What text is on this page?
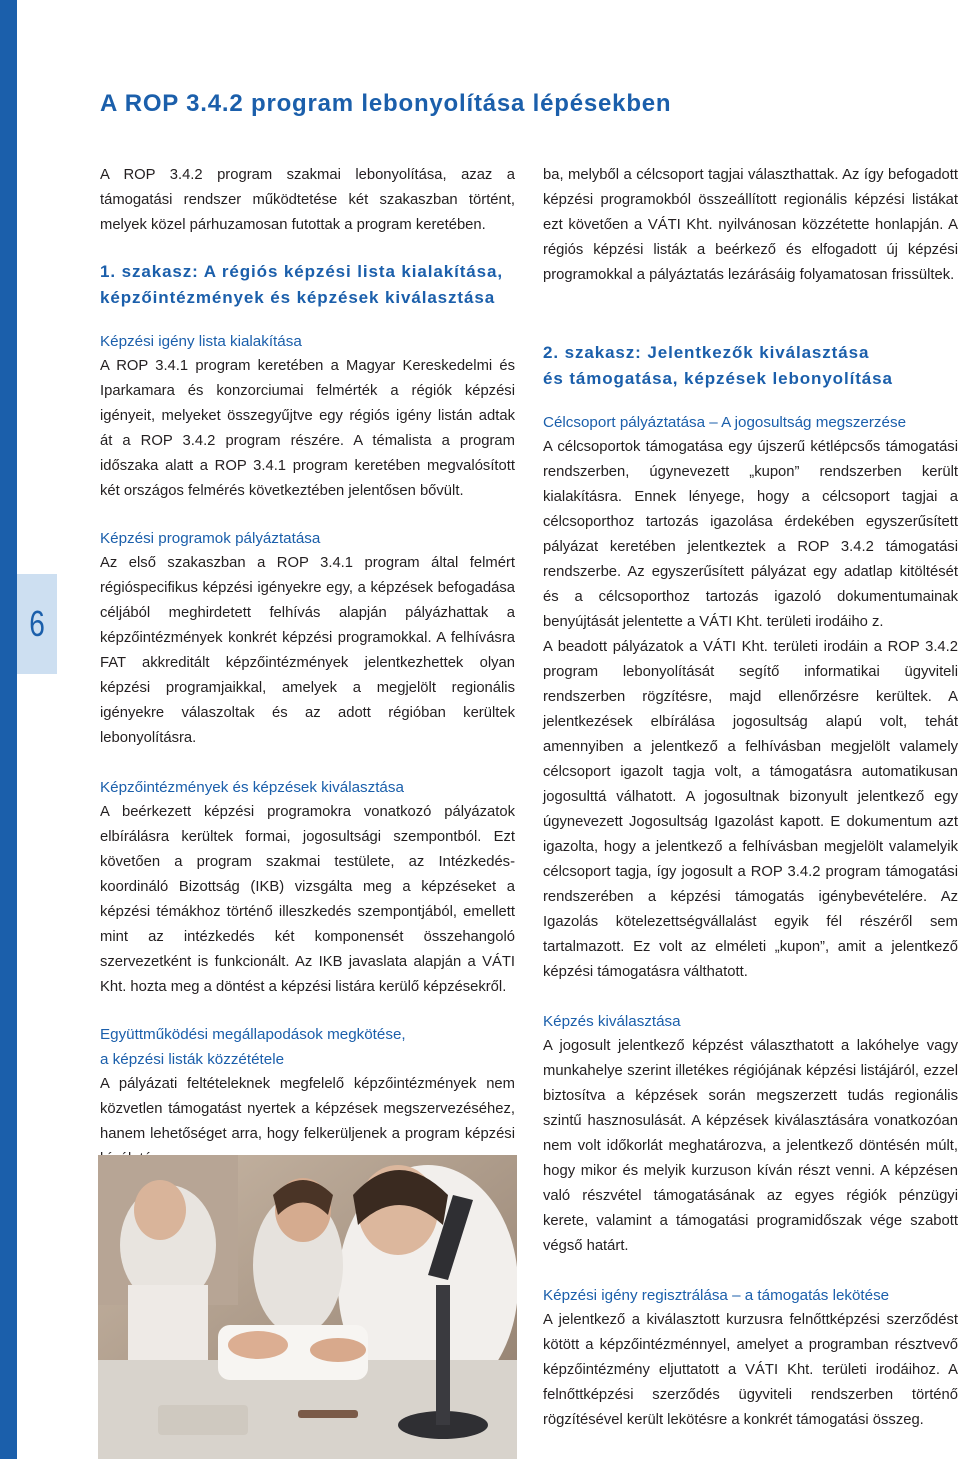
6
A ROP 3.4.2 program lebonyolítása lépésekben

A ROP 3.4.2 program szakmai lebonyolítása, azaz a támogatási rendszer működtetése két szakaszban történt, melyek közel párhuzamosan futottak a program keretében.

1. szakasz: A régiós képzési lista kialakítása, képzőintézmények és képzések kiválasztása
Képzési igény lista kialakítása

A ROP 3.4.1 program keretében a Magyar Kereskedelmi és Iparkamara és konzorciumai felmérték a régiók képzési igényeit, melyeket összegyűjtve egy régiós igény listán adtak át a ROP 3.4.2 program részére. A témalista a program időszaka alatt a ROP 3.4.1 program keretében megvalósított két országos felmérés következtében jelentősen bővült.

Képzési programok pályáztatása

Az első szakaszban a ROP 3.4.1 program által felmért régióspecifikus képzési igényekre egy, a képzések befogadása céljából meghirdetett felhívás alapján pályázhattak a képzőintézmények konkrét képzési programokkal. A felhívásra FAT akkreditált képzőintézmények jelentkezhettek olyan képzési programjaikkal, amelyek a megjelölt regionális igényekre válaszoltak és az adott régióban kerültek lebonyolításra.

Képzőintézmények és képzések kiválasztása

A beérkezett képzési programokra vonatkozó pályázatok elbírálásra kerültek formai, jogosultsági szempontból. Ezt követően a program szakmai testülete, az Intézkedés-koordináló Bizottság (IKB) vizsgálta meg a képzéseket a képzési témákhoz történő illeszkedés szempontjából, emellett mint az intézkedés két komponensét összehangoló szervezetként is funkcionált. Az IKB javaslata alapján a VÁTI Kht. hozta meg a döntést a képzési listára kerülő képzésekről.

Együttműködési megállapodások megkötése,
a képzési listák közzététele

A pályázati feltételeknek megfelelő képzőintézmények nem közvetlen támogatást nyertek a képzések megszervezéséhez, hanem lehetőséget arra, hogy felkerüljenek a program képzési

ba, melyből a célcsoport tagjai választhattak. Az így befogadott képzési programokból összeállított regionális képzési listákat ezt követően a VÁTI Kht. nyilvánosan közzétette honlapján. A régiós képzési listák a beérkező és elfogadott új képzési programokkal a pályáztatás lezárásáig folyamatosan frissültek.

2. szakasz: Jelentkezők kiválasztása
és támogatása, képzések lebonyolítása
Célcsoport pályáztatása – A jogosultság megszerzése

A célcsoportok támogatása egy újszerű kétlépcsős támogatási rendszerben, úgynevezett „kupon” rendszerben került kialakításra. Ennek lényege, hogy a célcsoport tagjai a célcsoporthoz tartozás igazolása érdekében egyszerűsített pályázat keretében jelentkeztek a ROP 3.4.2 támogatási rendszerbe. Az egyszerűsített pályázat egy adatlap kitöltését és a célcsoporthoz tartozás igazoló dokumentumainak benyújtását jelentette a VÁTI Kht. területi irodáiho z.

A beadott pályázatok a VÁTI Kht. területi irodáin a ROP 3.4.2 program lebonyolítását segítő informatikai ügyviteli rendszerben rögzítésre, majd ellenőrzésre kerültek. A jelentkezések elbírálása jogosultság alapú volt, tehát amennyiben a jelentkező a felhívásban megjelölt valamely célcsoport igazolt tagja volt, a támogatásra automatikusan jogosulttá válhatott. A jogosultnak bizonyult jelentkező egy úgynevezett Jogosultság Igazolást kapott. E dokumentum azt igazolta, hogy a jelentkező a felhívásban megjelölt valamelyik célcsoport tagja, így jogosult a ROP 3.4.2 program támogatási rendszerében a képzési támogatás igénybevételére. Az Igazolás kötelezettségvállalást egyik fél részéről sem tartalmazott. Ez volt az elméleti „kupon”, amit a jelentkező képzési támogatásra válthatott.

Képzés kiválasztása

A jogosult jelentkező képzést választhatott a lakóhelye vagy munkahelye szerint illetékes régiójának képzési listájáról, ezzel biztosítva a képzések során megszerzett tudás regionális szintű hasznosulását. A képzések kiválasztására vonatkozóan nem volt időkorlát meghatározva, a jelentkező döntésén múlt, hogy mikor és melyik kurzuson kíván részt venni. A képzésen való részvétel támogatásának az egyes régiók pénzügyi kerete, valamint a támogatási programidőszak vége szabott végső határt.

Képzési igény regisztrálása – a támogatás lekötése

A jelentkező a kiválasztott kurzusra felnőttképzési szerződést kötött a képzőintézménnyel, amelyet a programban résztvevő képzőintézmény eljuttatott a VÁTI Kht. területi irodáihoz. A felnőttképzési szerződés ügyviteli rendszerben történő rögzítésével került lekötésre a konkrét támogatási összeg.
